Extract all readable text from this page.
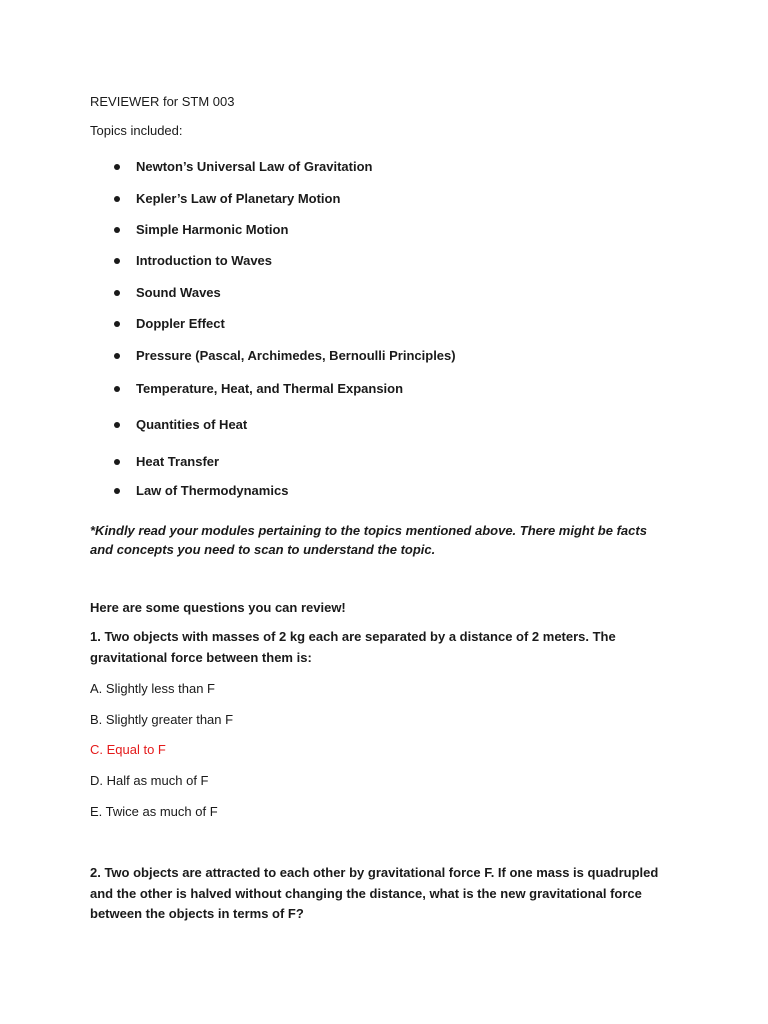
REVIEWER for STM 003
Topics included:
Newton’s Universal Law of Gravitation
Kepler’s Law of Planetary Motion
Simple Harmonic Motion
Introduction to Waves
Sound Waves
Doppler Effect
Pressure (Pascal, Archimedes, Bernoulli Principles)
Temperature, Heat, and Thermal Expansion
Quantities of Heat
Heat Transfer
Law of Thermodynamics
*Kindly read your modules pertaining to the topics mentioned above. There might be facts
and concepts you need to scan to understand the topic.
Here are some questions you can review!
1. Two objects with masses of 2 kg each are separated by a distance of 2 meters. The
gravitational force between them is:
A. Slightly less than F
B. Slightly greater than F
C. Equal to F
D. Half as much of F
E. Twice as much of F
2. Two objects are attracted to each other by gravitational force F. If one mass is quadrupled
and the other is halved without changing the distance, what is the new gravitational force
between the objects in terms of F?
